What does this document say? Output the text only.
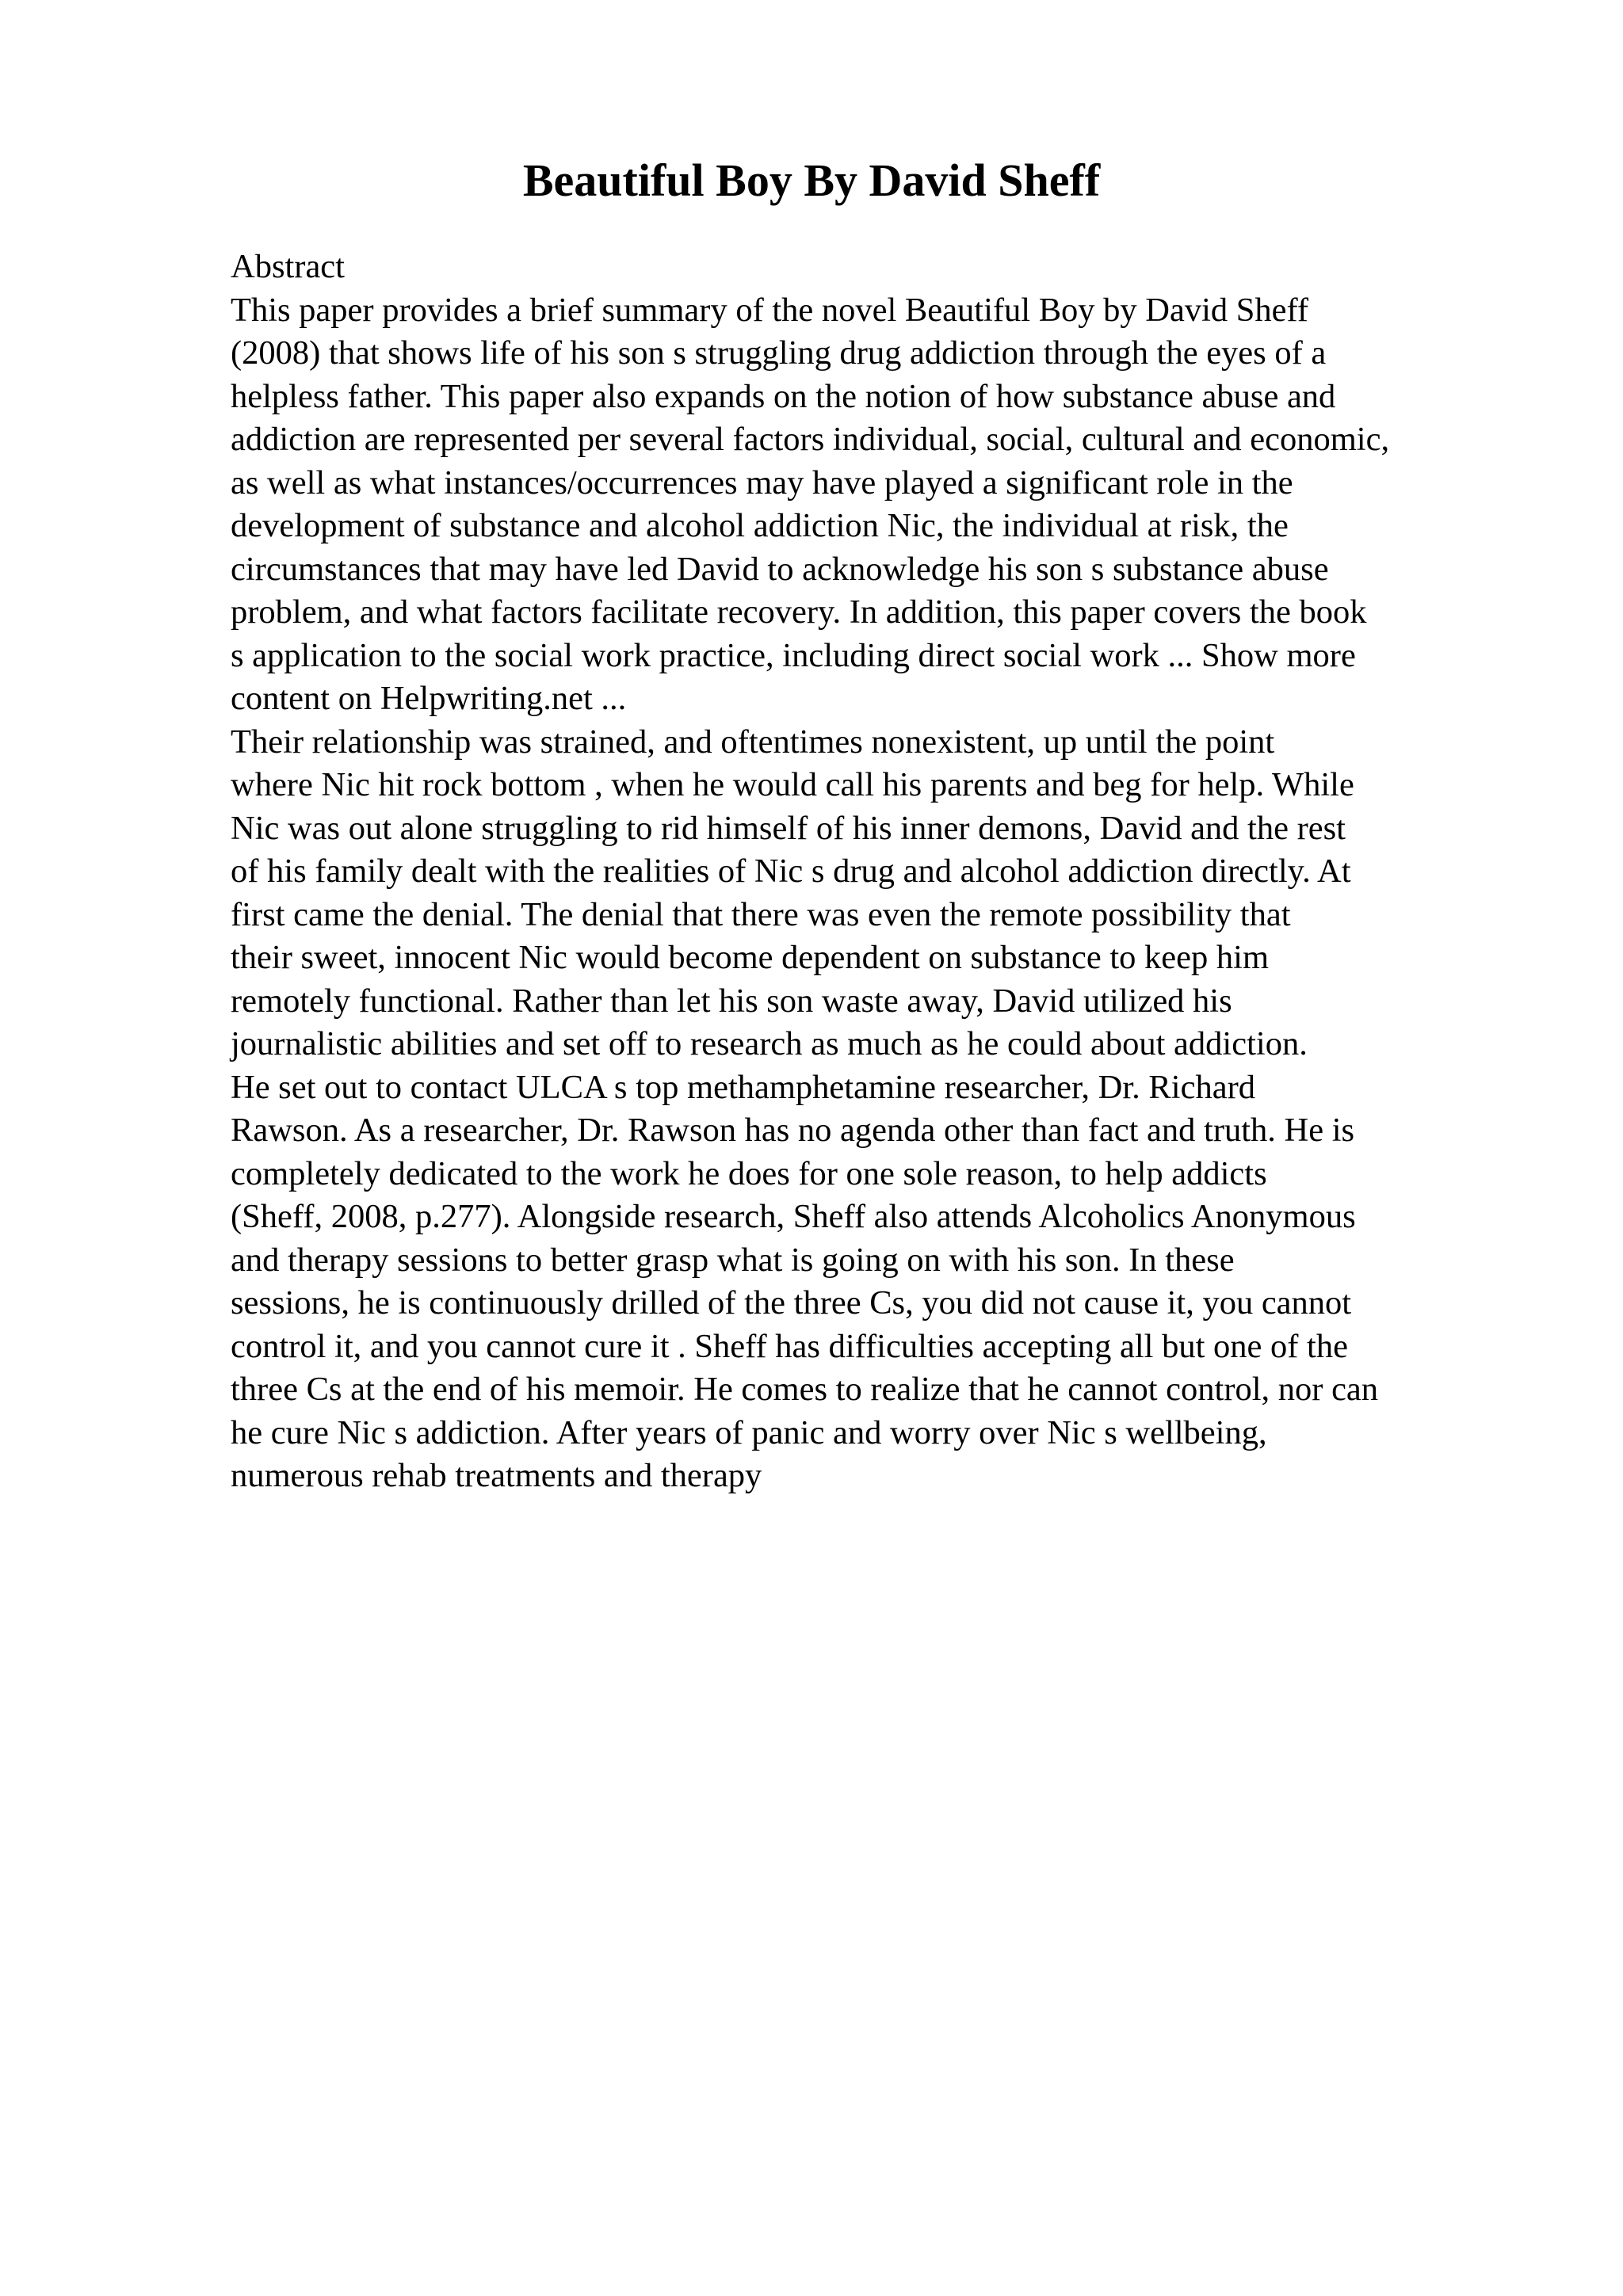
Beautiful Boy By David Sheff
Abstract
This paper provides a brief summary of the novel Beautiful Boy by David Sheff
(2008) that shows life of his son s struggling drug addiction through the eyes of a
helpless father. This paper also expands on the notion of how substance abuse and
addiction are represented per several factors individual, social, cultural and economic,
as well as what instances/occurrences may have played a significant role in the
development of substance and alcohol addiction Nic, the individual at risk, the
circumstances that may have led David to acknowledge his son s substance abuse
problem, and what factors facilitate recovery. In addition, this paper covers the book
s application to the social work practice, including direct social work ... Show more
content on Helpwriting.net ...
Their relationship was strained, and oftentimes nonexistent, up until the point
where Nic hit rock bottom , when he would call his parents and beg for help. While
Nic was out alone struggling to rid himself of his inner demons, David and the rest
of his family dealt with the realities of Nic s drug and alcohol addiction directly. At
first came the denial. The denial that there was even the remote possibility that
their sweet, innocent Nic would become dependent on substance to keep him
remotely functional. Rather than let his son waste away, David utilized his
journalistic abilities and set off to research as much as he could about addiction.
He set out to contact ULCA s top methamphetamine researcher, Dr. Richard
Rawson. As a researcher, Dr. Rawson has no agenda other than fact and truth. He is
completely dedicated to the work he does for one sole reason, to help addicts
(Sheff, 2008, p.277). Alongside research, Sheff also attends Alcoholics Anonymous
and therapy sessions to better grasp what is going on with his son. In these
sessions, he is continuously drilled of the three Cs, you did not cause it, you cannot
control it, and you cannot cure it . Sheff has difficulties accepting all but one of the
three Cs at the end of his memoir. He comes to realize that he cannot control, nor can
he cure Nic s addiction. After years of panic and worry over Nic s wellbeing,
numerous rehab treatments and therapy
